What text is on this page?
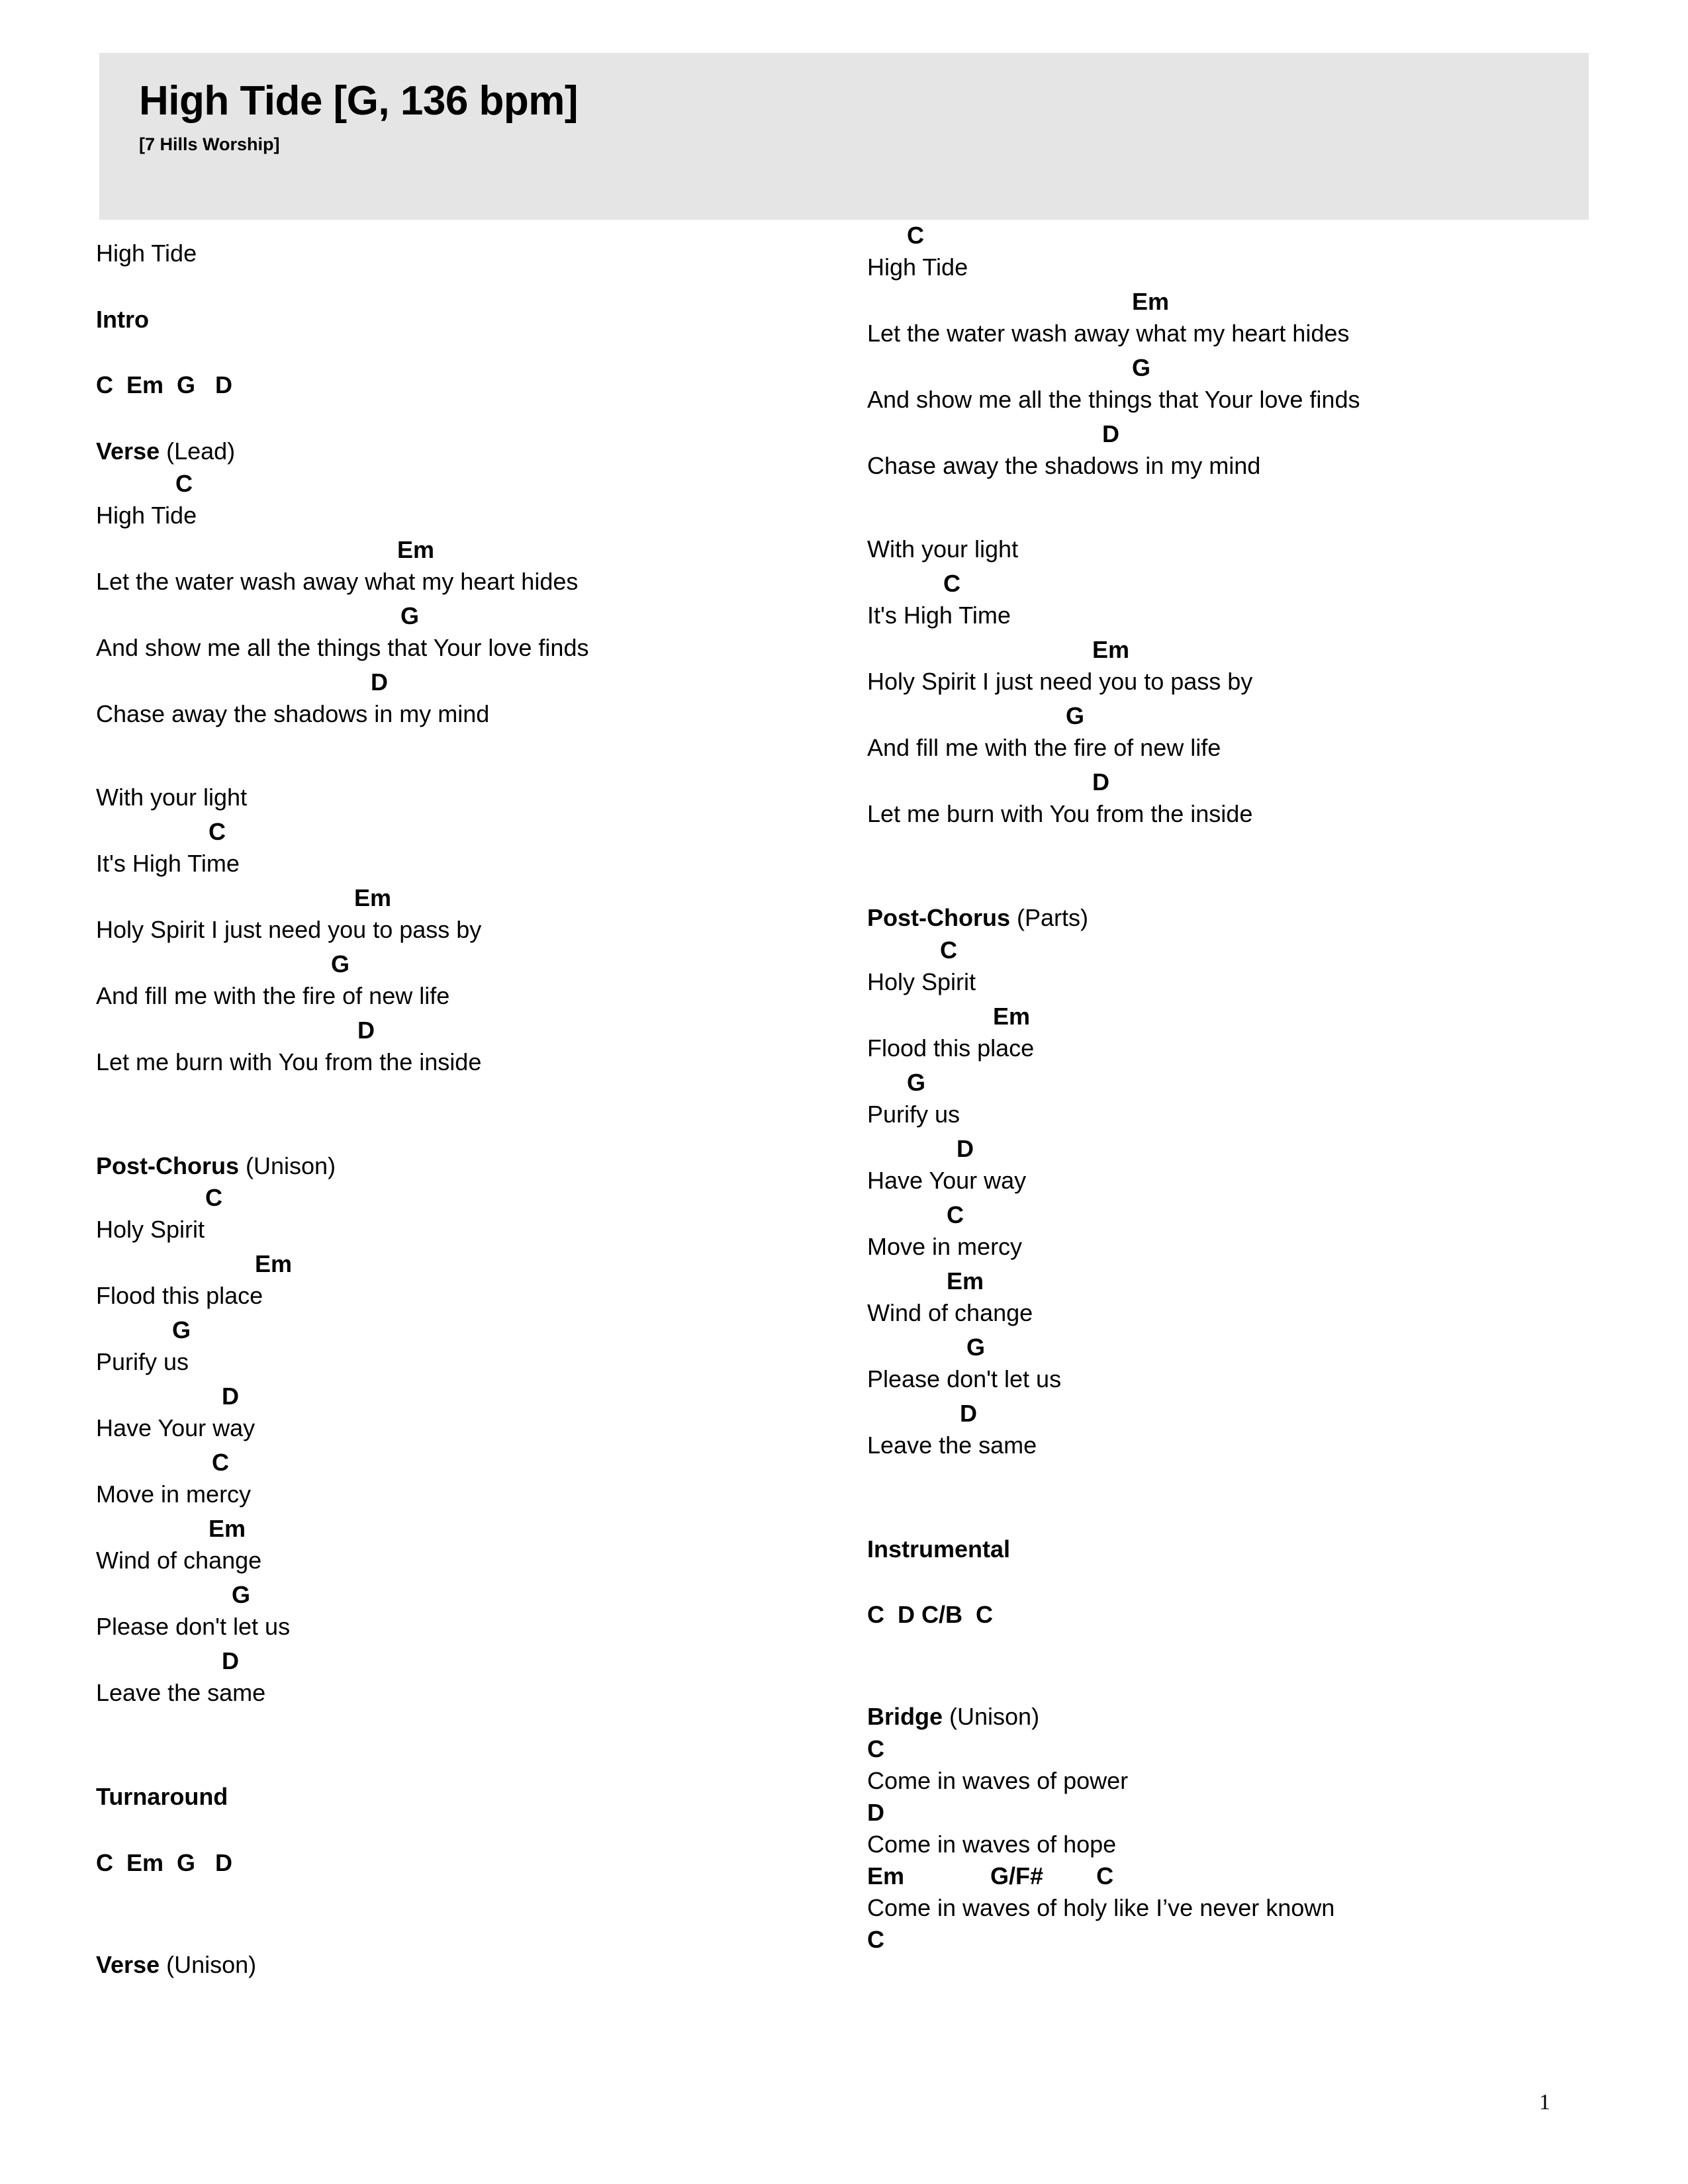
High Tide [G, 136 bpm]
[7 Hills Worship]
High Tide
Intro
C  Em  G   D
Verse (Lead)
C
High Tide
Em
Let the water wash away what my heart hides
G
And show me all the things that Your love finds
D
Chase away the shadows in my mind
With your light
C
It's High Time
Em
Holy Spirit I just need you to pass by
G
And fill me with the fire of new life
D
Let me burn with You from the inside
Post-Chorus (Unison)
C
Holy Spirit
Em
Flood this place
G
Purify us
D
Have Your way
C
Move in mercy
Em
Wind of change
G
Please don't let us
D
Leave the same
Turnaround
C  Em  G   D
Verse (Unison)
C
High Tide
Em
Let the water wash away what my heart hides
G
And show me all the things that Your love finds
D
Chase away the shadows in my mind
With your light
C
It's High Time
Em
Holy Spirit I just need you to pass by
G
And fill me with the fire of new life
D
Let me burn with You from the inside
Post-Chorus (Parts)
C
Holy Spirit
Em
Flood this place
G
Purify us
D
Have Your way
C
Move in mercy
Em
Wind of change
G
Please don't let us
D
Leave the same
Instrumental
C  D C/B  C
Bridge (Unison)
C
Come in waves of power
D
Come in waves of hope
Em             G/F#        C
Come in waves of holy like I’ve never known
C
1
